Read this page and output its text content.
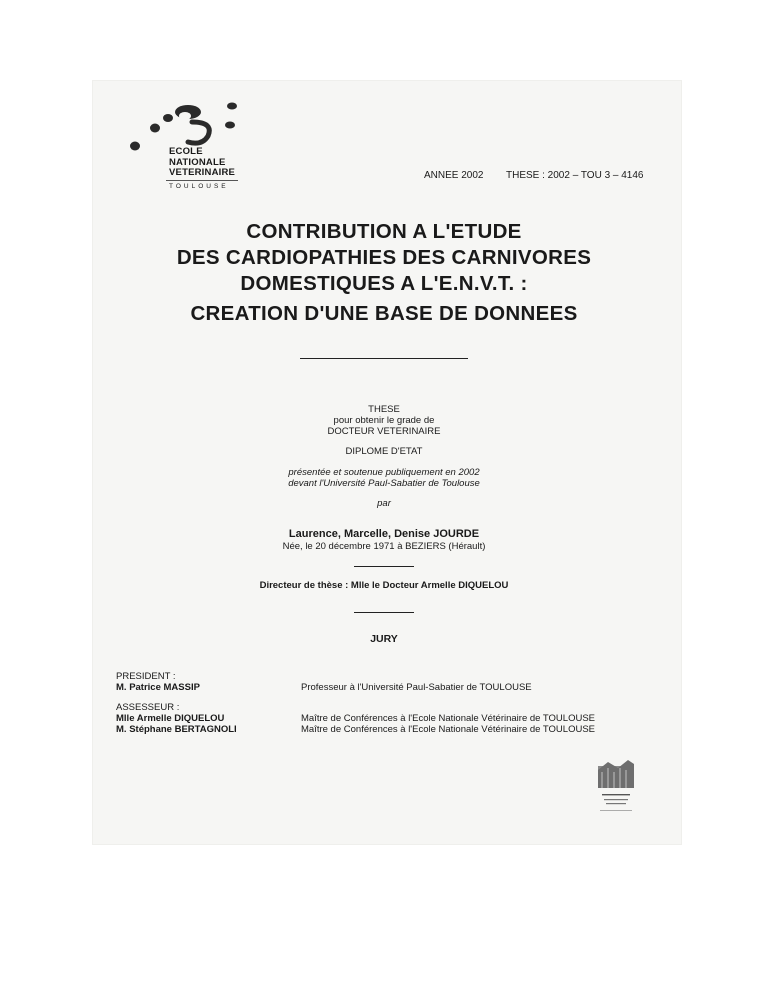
ECOLE
NATIONALE
VETERINAIRE
TOULOUSE
ANNEE 2002 THESE : 2002 – TOU 3 – 4146
CONTRIBUTION A L'ETUDE
DES CARDIOPATHIES DES CARNIVORES
DOMESTIQUES A L'E.N.V.T. :
CREATION D'UNE BASE DE DONNEES
THESE
pour obtenir le grade de
DOCTEUR VETERINAIRE
DIPLOME D'ETAT
présentée et soutenue publiquement en 2002
devant l'Université Paul-Sabatier de Toulouse
par
Laurence, Marcelle, Denise JOURDE
Née, le 20 décembre 1971 à BEZIERS (Hérault)
Directeur de thèse : Mlle le Docteur Armelle DIQUELOU
JURY
PRESIDENT :
M. Patrice MASSIP	Professeur à l'Université Paul-Sabatier de TOULOUSE
ASSESSEUR :
Mlle Armelle DIQUELOU
M. Stéphane BERTAGNOLI
Maître de Conférences à l'Ecole Nationale Vétérinaire de TOULOUSE
Maître de Conférences à l'Ecole Nationale Vétérinaire de TOULOUSE
